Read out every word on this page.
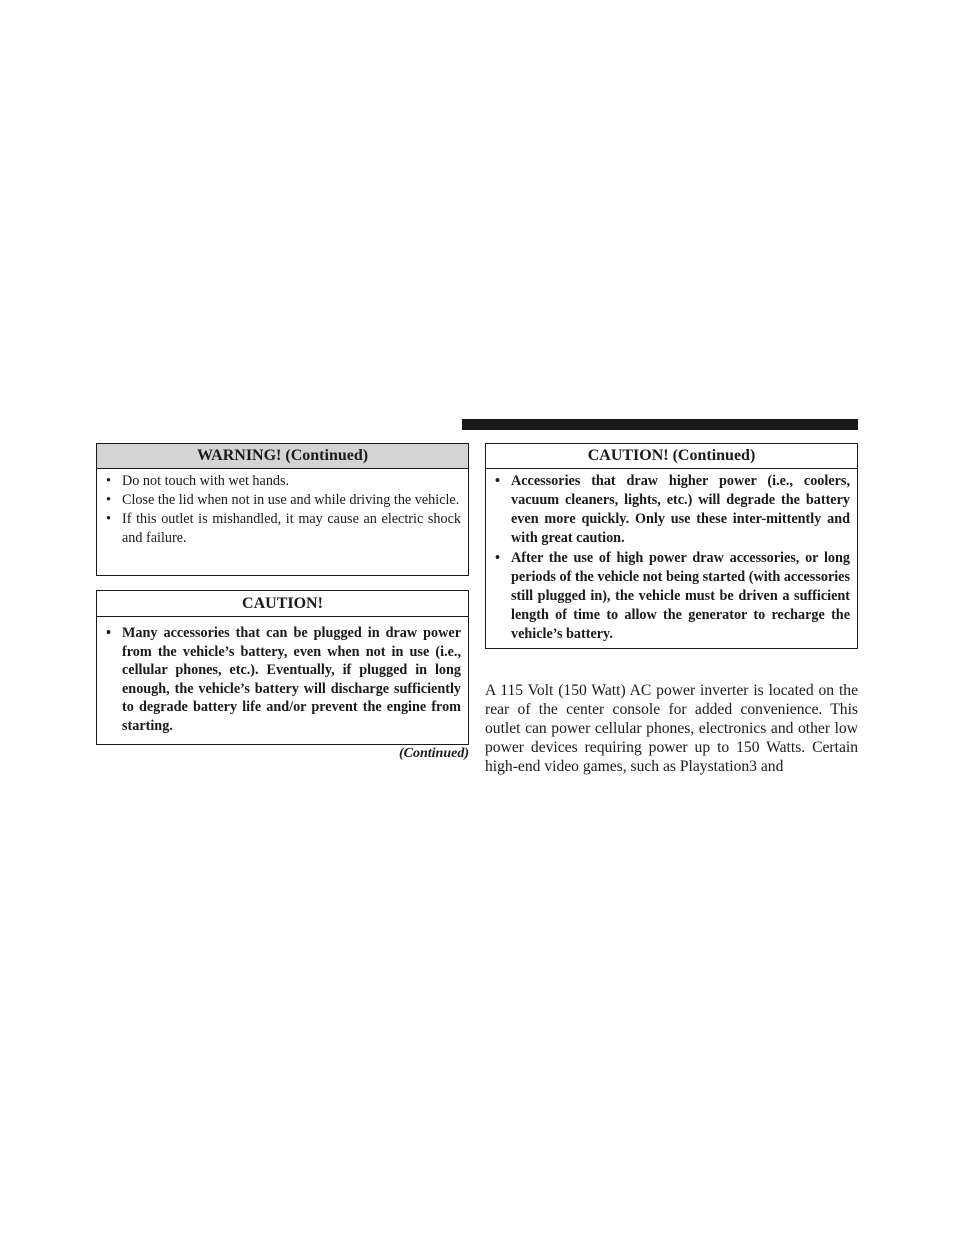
WARNING! (Continued)
• Do not touch with wet hands.
• Close the lid when not in use and while driving the vehicle.
• If this outlet is mishandled, it may cause an electric shock and failure.
CAUTION!
• Many accessories that can be plugged in draw power from the vehicle’s battery, even when not in use (i.e., cellular phones, etc.). Eventually, if plugged in long enough, the vehicle’s battery will discharge sufficiently to degrade battery life and/or prevent the engine from starting.
(Continued)
CAUTION! (Continued)
• Accessories that draw higher power (i.e., coolers, vacuum cleaners, lights, etc.) will degrade the battery even more quickly. Only use these inter-mittently and with great caution.
• After the use of high power draw accessories, or long periods of the vehicle not being started (with accessories still plugged in), the vehicle must be driven a sufficient length of time to allow the generator to recharge the vehicle’s battery.

A 115 Volt (150 Watt) AC power inverter is located on the rear of the center console for added convenience. This outlet can power cellular phones, electronics and other low power devices requiring power up to 150 Watts. Certain high-end video games, such as Playstation3 and
